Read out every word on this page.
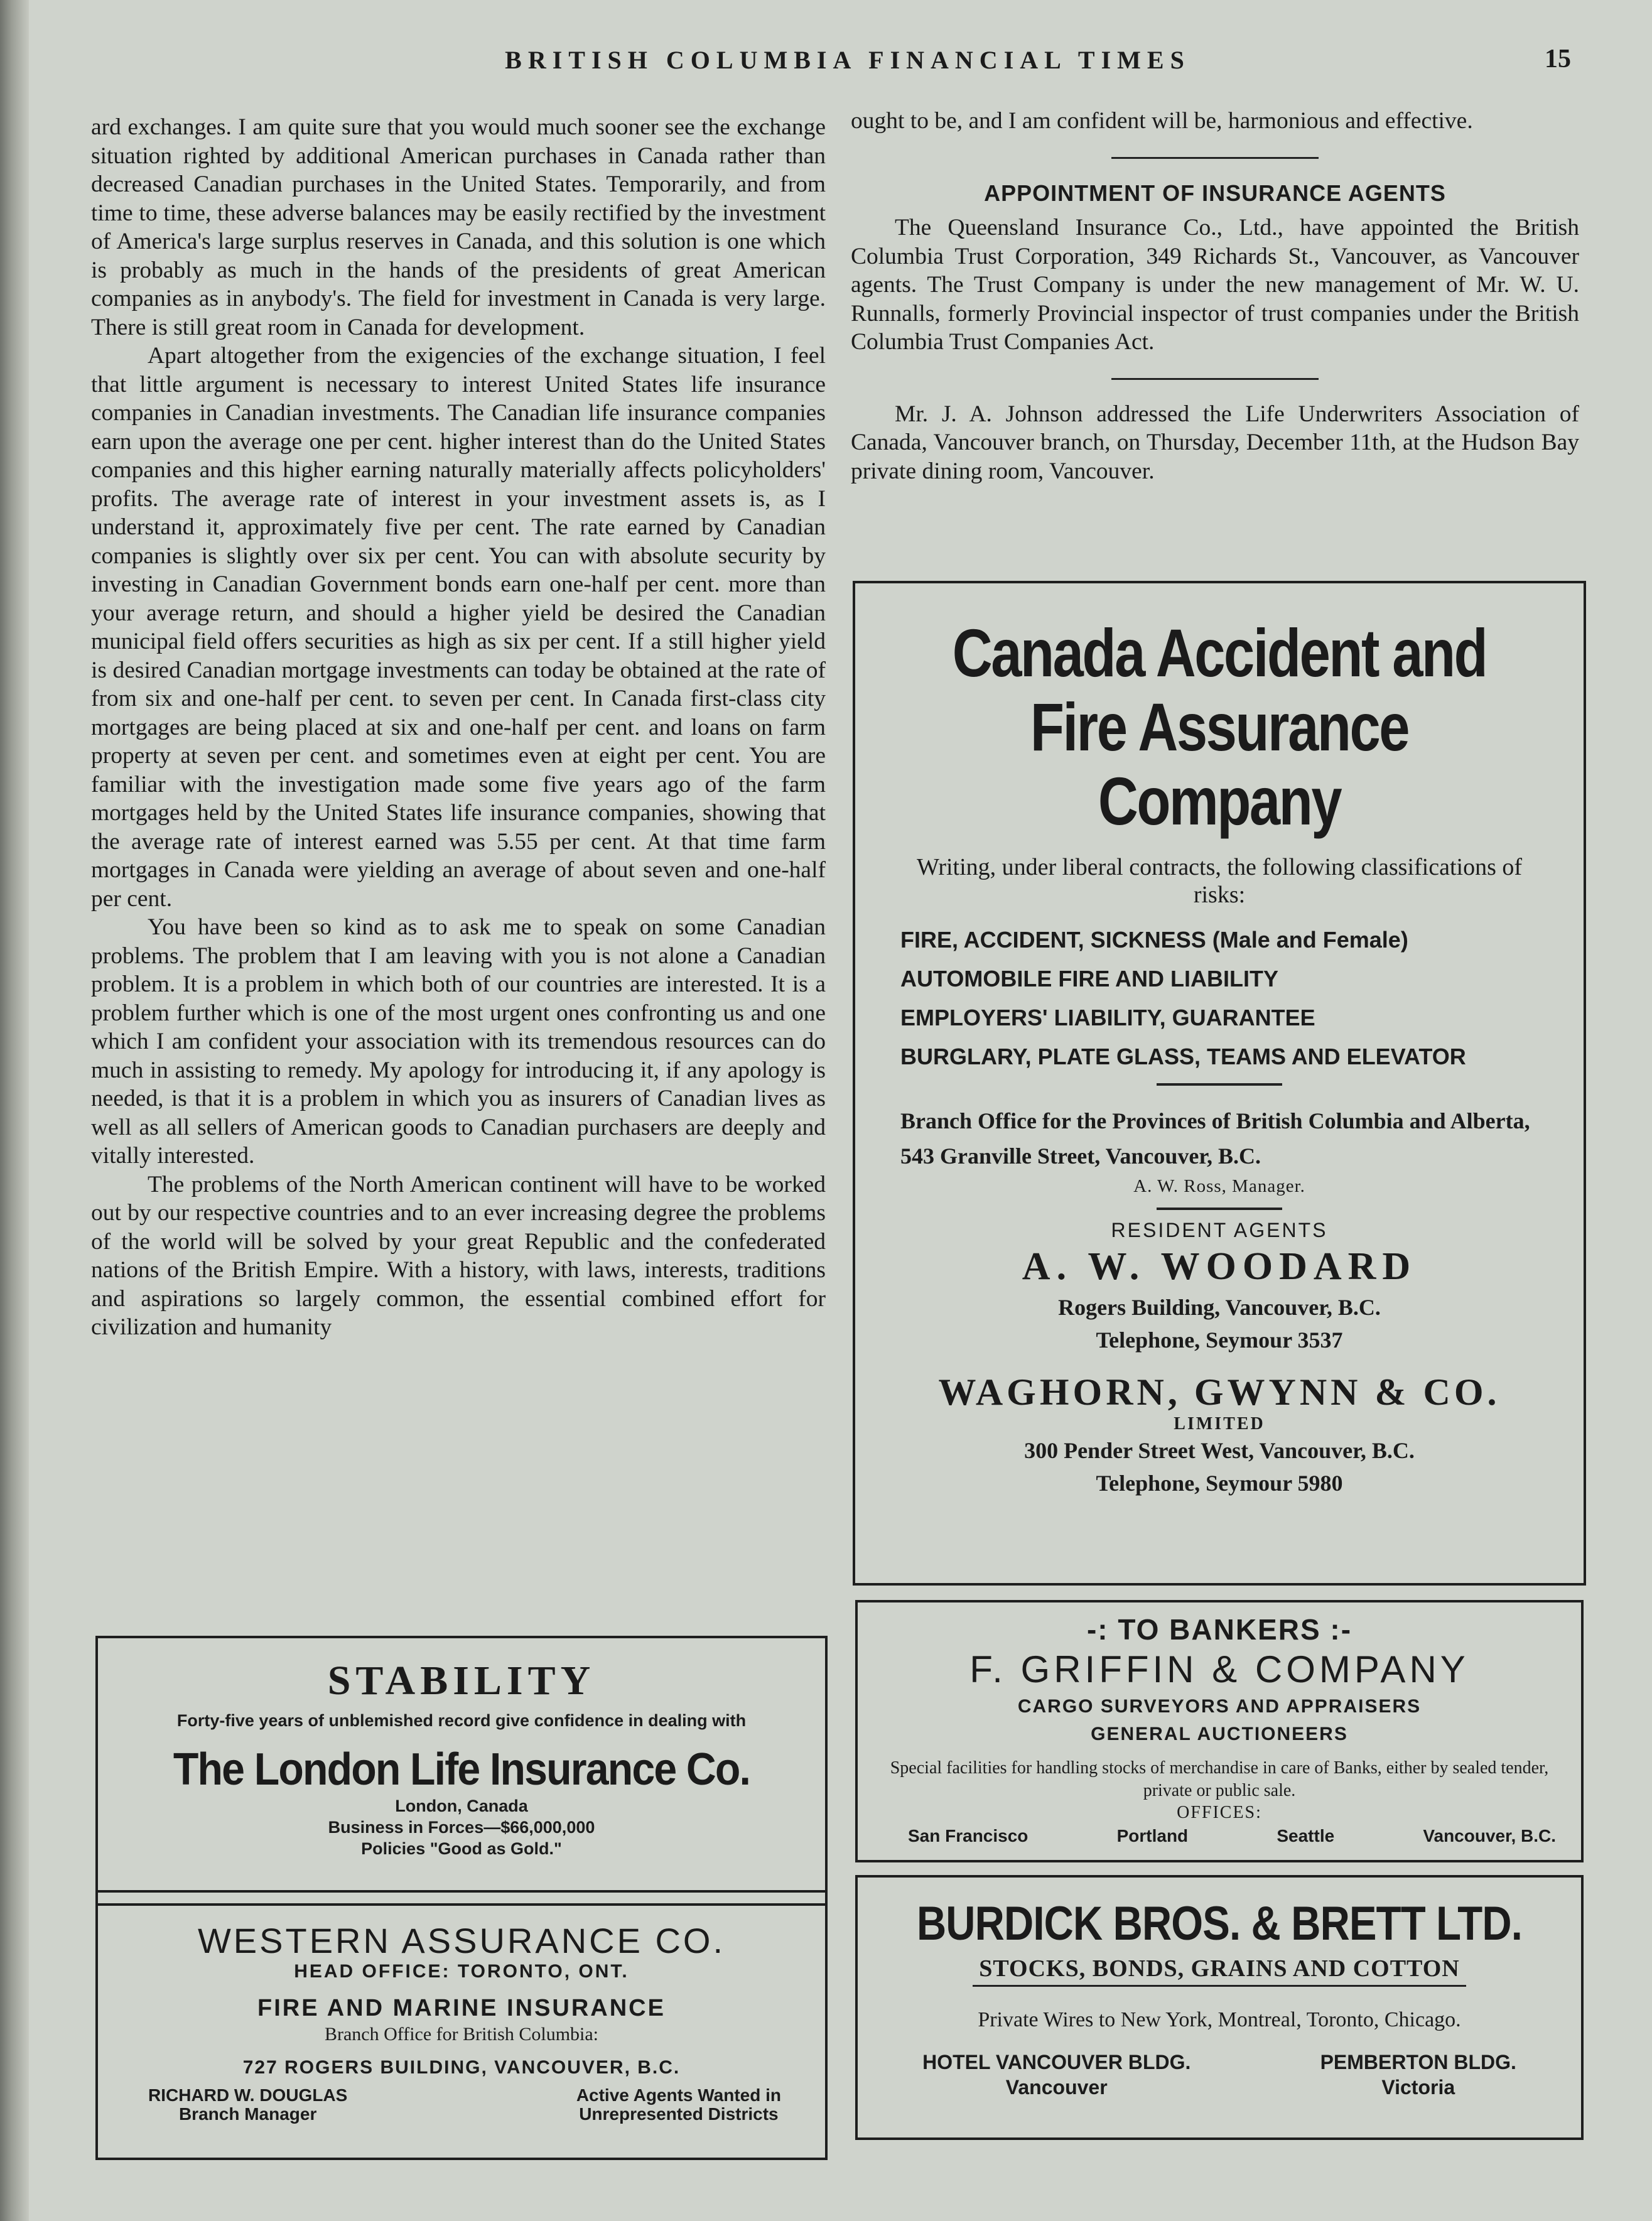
BRITISH COLUMBIA FINANCIAL TIMES	15

ard exchanges. I am quite sure that you would much sooner see the exchange situation righted by additional American purchases in Canada rather than decreased Canadian purchases in the United States. Temporarily, and from time to time, these adverse balances may be easily rectified by the investment of America's large surplus reserves in Canada, and this solution is one which is probably as much in the hands of the presidents of great American companies as in anybody's. The field for investment in Canada is very large. There is still great room in Canada for development.

Apart altogether from the exigencies of the exchange situation, I feel that little argument is necessary to interest United States life insurance companies in Canadian investments. The Canadian life insurance companies earn upon the average one per cent. higher interest than do the United States companies and this higher earning naturally materially affects policyholders' profits. The average rate of interest in your investment assets is, as I understand it, approximately five per cent. The rate earned by Canadian companies is slightly over six per cent. You can with absolute security by investing in Canadian Government bonds earn one-half per cent. more than your average return, and should a higher yield be desired the Canadian municipal field offers securities as high as six per cent. If a still higher yield is desired Canadian mortgage investments can today be obtained at the rate of from six and one-half per cent. to seven per cent. In Canada first-class city mortgages are being placed at six and one-half per cent. and loans on farm property at seven per cent. and sometimes even at eight per cent. You are familiar with the investigation made some five years ago of the farm mortgages held by the United States life insurance companies, showing that the average rate of interest earned was 5.55 per cent. At that time farm mortgages in Canada were yielding an average of about seven and one-half per cent.

You have been so kind as to ask me to speak on some Canadian problems. The problem that I am leaving with you is not alone a Canadian problem. It is a problem in which both of our countries are interested. It is a problem further which is one of the most urgent ones confronting us and one which I am confident your association with its tremendous resources can do much in assisting to remedy. My apology for introducing it, if any apology is needed, is that it is a problem in which you as insurers of Canadian lives as well as all sellers of American goods to Canadian purchasers are deeply and vitally interested.

The problems of the North American continent will have to be worked out by our respective countries and to an ever increasing degree the problems of the world will be solved by your great Republic and the confederated nations of the British Empire. With a history, with laws, interests, traditions and aspirations so largely common, the essential combined effort for civilization and humanity

ought to be, and I am confident will be, harmonious and effective.

APPOINTMENT OF INSURANCE AGENTS

The Queensland Insurance Co., Ltd., have appointed the British Columbia Trust Corporation, 349 Richards St., Vancouver, as Vancouver agents. The Trust Company is under the new management of Mr. W. U. Runnalls, formerly Provincial inspector of trust companies under the British Columbia Trust Companies Act.

Mr. J. A. Johnson addressed the Life Underwriters Association of Canada, Vancouver branch, on Thursday, December 11th, at the Hudson Bay private dining room, Vancouver.

Canada Accident and
Fire Assurance
Company
Writing, under liberal contracts, the following classifications of risks:
FIRE, ACCIDENT, SICKNESS (Male and Female)
AUTOMOBILE FIRE AND LIABILITY
EMPLOYERS' LIABILITY, GUARANTEE
BURGLARY, PLATE GLASS, TEAMS AND ELEVATOR
Branch Office for the Provinces of British Columbia and Alberta, 543 Granville Street, Vancouver, B.C.
A. W. Ross, Manager.
RESIDENT AGENTS
A. W. WOODARD
Rogers Building, Vancouver, B.C.
Telephone, Seymour 3537
WAGHORN, GWYNN & CO.
LIMITED
300 Pender Street West, Vancouver, B.C.
Telephone, Seymour 5980
-: TO BANKERS :-
F. GRIFFIN & COMPANY
CARGO SURVEYORS AND APPRAISERS
GENERAL AUCTIONEERS
Special facilities for handling stocks of merchandise in care of Banks, either by sealed tender, private or public sale.
OFFICES:
San Francisco	Portland	Seattle	Vancouver, B.C.
BURDICK BROS. & BRETT LTD.
STOCKS, BONDS, GRAINS AND COTTON
Private Wires to New York, Montreal, Toronto, Chicago.
HOTEL VANCOUVER BLDG.
Vancouver
PEMBERTON BLDG.
Victoria
STABILITY
Forty-five years of unblemished record give confidence in dealing with
The London Life Insurance Co.
London, Canada
Business in Forces—$66,000,000
Policies "Good as Gold."
WESTERN ASSURANCE CO.
HEAD OFFICE: TORONTO, ONT.
FIRE AND MARINE INSURANCE
Branch Office for British Columbia:
727 ROGERS BUILDING, VANCOUVER, B.C.
RICHARD W. DOUGLAS
Branch Manager
Active Agents Wanted in
Unrepresented Districts
